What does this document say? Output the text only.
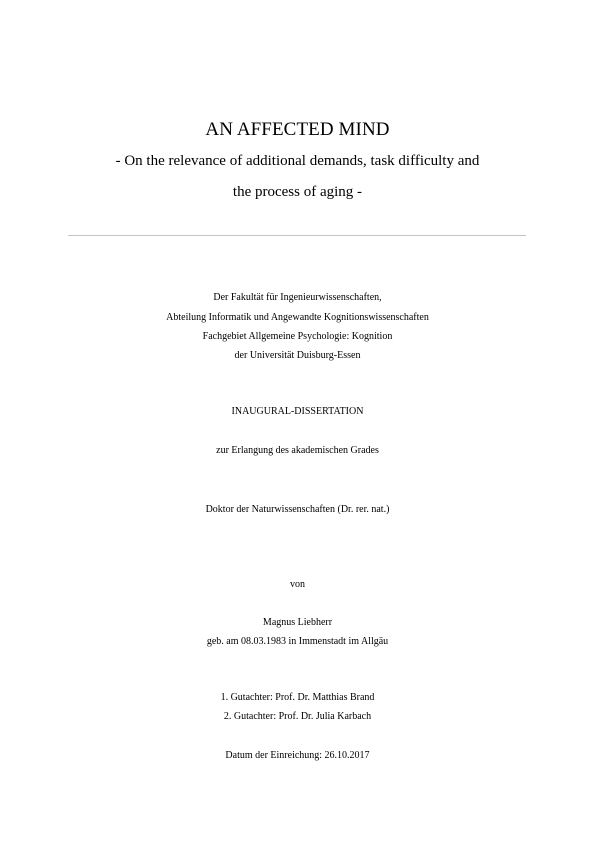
AN AFFECTED MIND
- On the relevance of additional demands, task difficulty and
the process of aging -
Der Fakultät für Ingenieurwissenschaften,
Abteilung Informatik und Angewandte Kognitionswissenschaften
Fachgebiet Allgemeine Psychologie: Kognition
der Universität Duisburg-Essen
INAUGURAL-DISSERTATION
zur Erlangung des akademischen Grades
Doktor der Naturwissenschaften (Dr. rer. nat.)
von
Magnus Liebherr
geb. am 08.03.1983 in Immenstadt im Allgäu
1. Gutachter: Prof. Dr. Matthias Brand
2. Gutachter: Prof. Dr. Julia Karbach
Datum der Einreichung: 26.10.2017
